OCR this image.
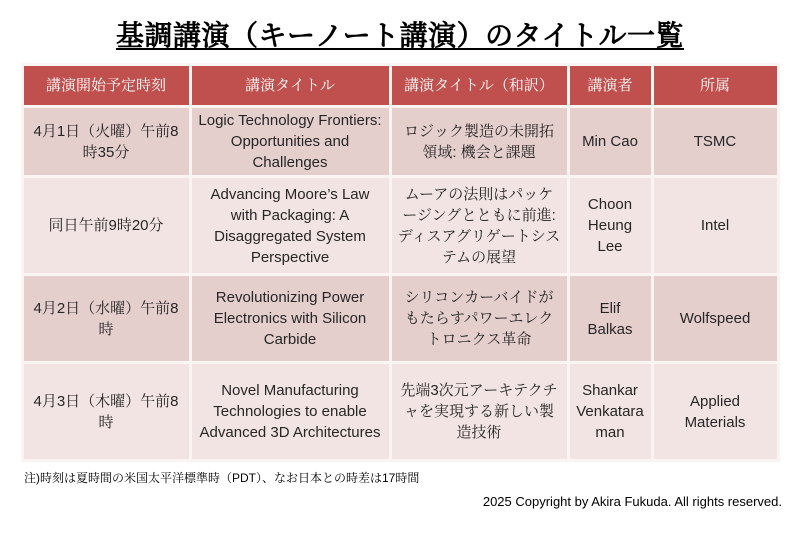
基調講演（キーノート講演）のタイトル一覧
講演開始予定時刻	講演タイトル	講演タイトル（和訳）	講演者	所属
4月1日（火曜）午前8時35分	Logic Technology Frontiers: Opportunities and Challenges	ロジック製造の未開拓領域: 機会と課題	Min Cao	TSMC
同日午前9時20分	Advancing Moore’s Law with Packaging: A Disaggregated System Perspective	ムーアの法則はパッケージングとともに前進: ディスアグリゲートシステムの展望	Choon Heung Lee	Intel
4月2日（水曜）午前8時	Revolutionizing Power Electronics with Silicon Carbide	シリコンカーバイドがもたらすパワーエレクトロニクス革命	Elif Balkas	Wolfspeed
4月3日（木曜）午前8時	Novel Manufacturing Technologies to enable Advanced 3D Architectures	先端3次元アーキテクチャを実現する新しい製造技術	Shankar Venkataraman	Applied Materials
注)時刻は夏時間の米国太平洋標準時（PDT）、なお日本との時差は17時間
2025 Copyright by Akira Fukuda. All rights reserved.
